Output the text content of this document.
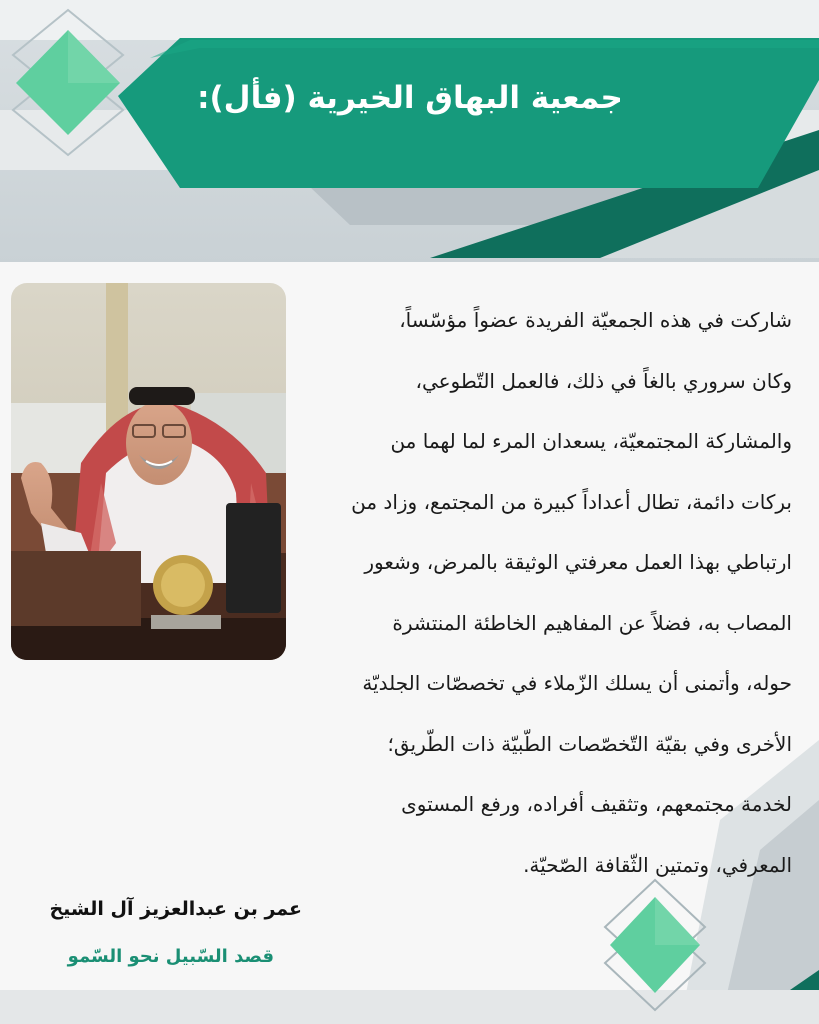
جمعية البهاق الخيرية (فأل):
شاركت في هذه الجمعيّة الفريدة عضواً مؤسّساً،
وكان سروري بالغاً في ذلك، فالعمل التّطوعي،
والمشاركة المجتمعيّة، يسعدان المرء لما لهما من
بركات دائمة، تطال أعداداً كبيرة من المجتمع، وزاد من
ارتباطي بهذا العمل معرفتي الوثيقة بالمرض، وشعور
المصاب به، فضلاً عن المفاهيم الخاطئة المنتشرة
حوله، وأتمنى أن يسلك الزّملاء في تخصصّات الجلديّة
الأخرى وفي بقيّة التّخصّصات الطّبيّة ذات الطّريق؛
لخدمة مجتمعهم، وتثقيف أفراده، ورفع المستوى
المعرفي، وتمتين الثّقافة الصّحيّة.
عمر بن عبدالعزيز آل الشيخ
قصد السّبيل نحو السّمو
